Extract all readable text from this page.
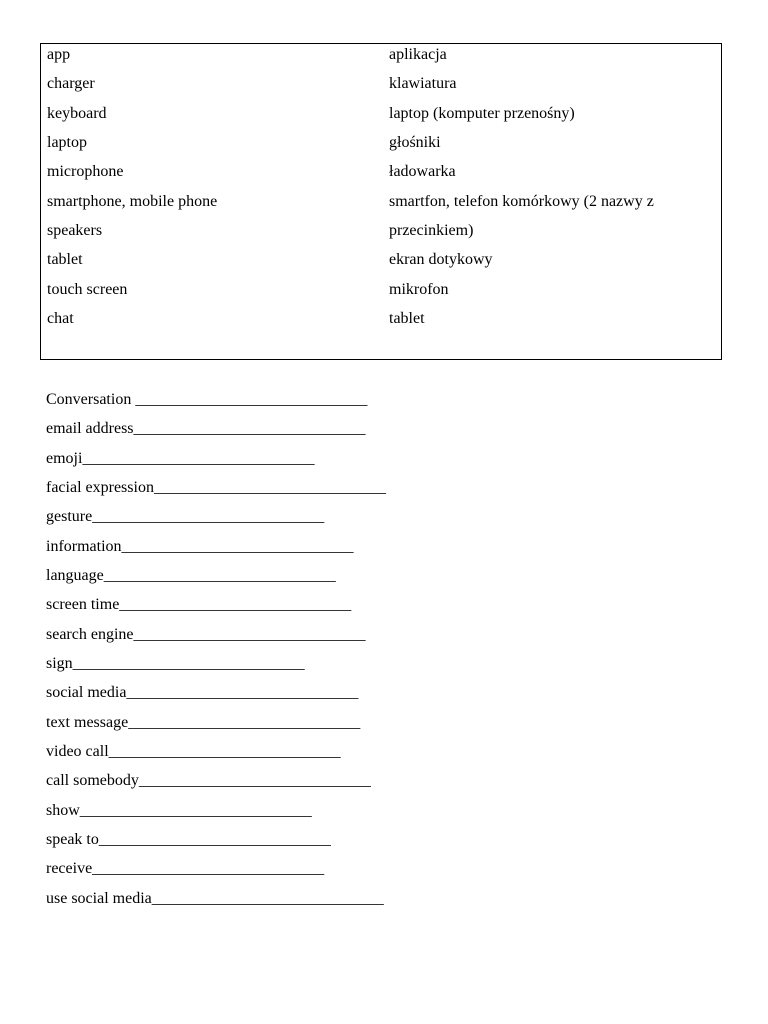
app
charger
keyboard
laptop
microphone
smartphone, mobile phone
speakers
tablet
touch screen
chat
aplikacja
klawiatura
laptop (komputer przenośny)
głośniki
ładowarka
smartfon, telefon komórkowy (2 nazwy z
przecinkiem)
ekran dotykowy
mikrofon
tablet
Conversation _____________________________
email address_____________________________
emoji_____________________________
facial expression_____________________________
gesture_____________________________
information_____________________________
language_____________________________
screen time_____________________________
search engine_____________________________
sign_____________________________
social media_____________________________
text message_____________________________
video call_____________________________
call somebody_____________________________
show_____________________________
speak to_____________________________
receive_____________________________
use social media_____________________________
